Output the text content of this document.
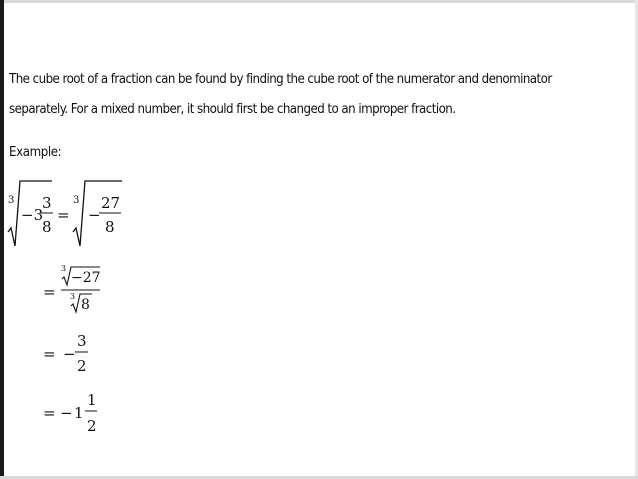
The cube root of a fraction can be found by finding the cube root of the numerator and denominator
separately. For a mixed number, it should first be changed to an improper fraction.
Example:
3
−3
3
8
=
3
−
27
8
=
3
−27
3
8
= −
3
2
= − 1
1
2
